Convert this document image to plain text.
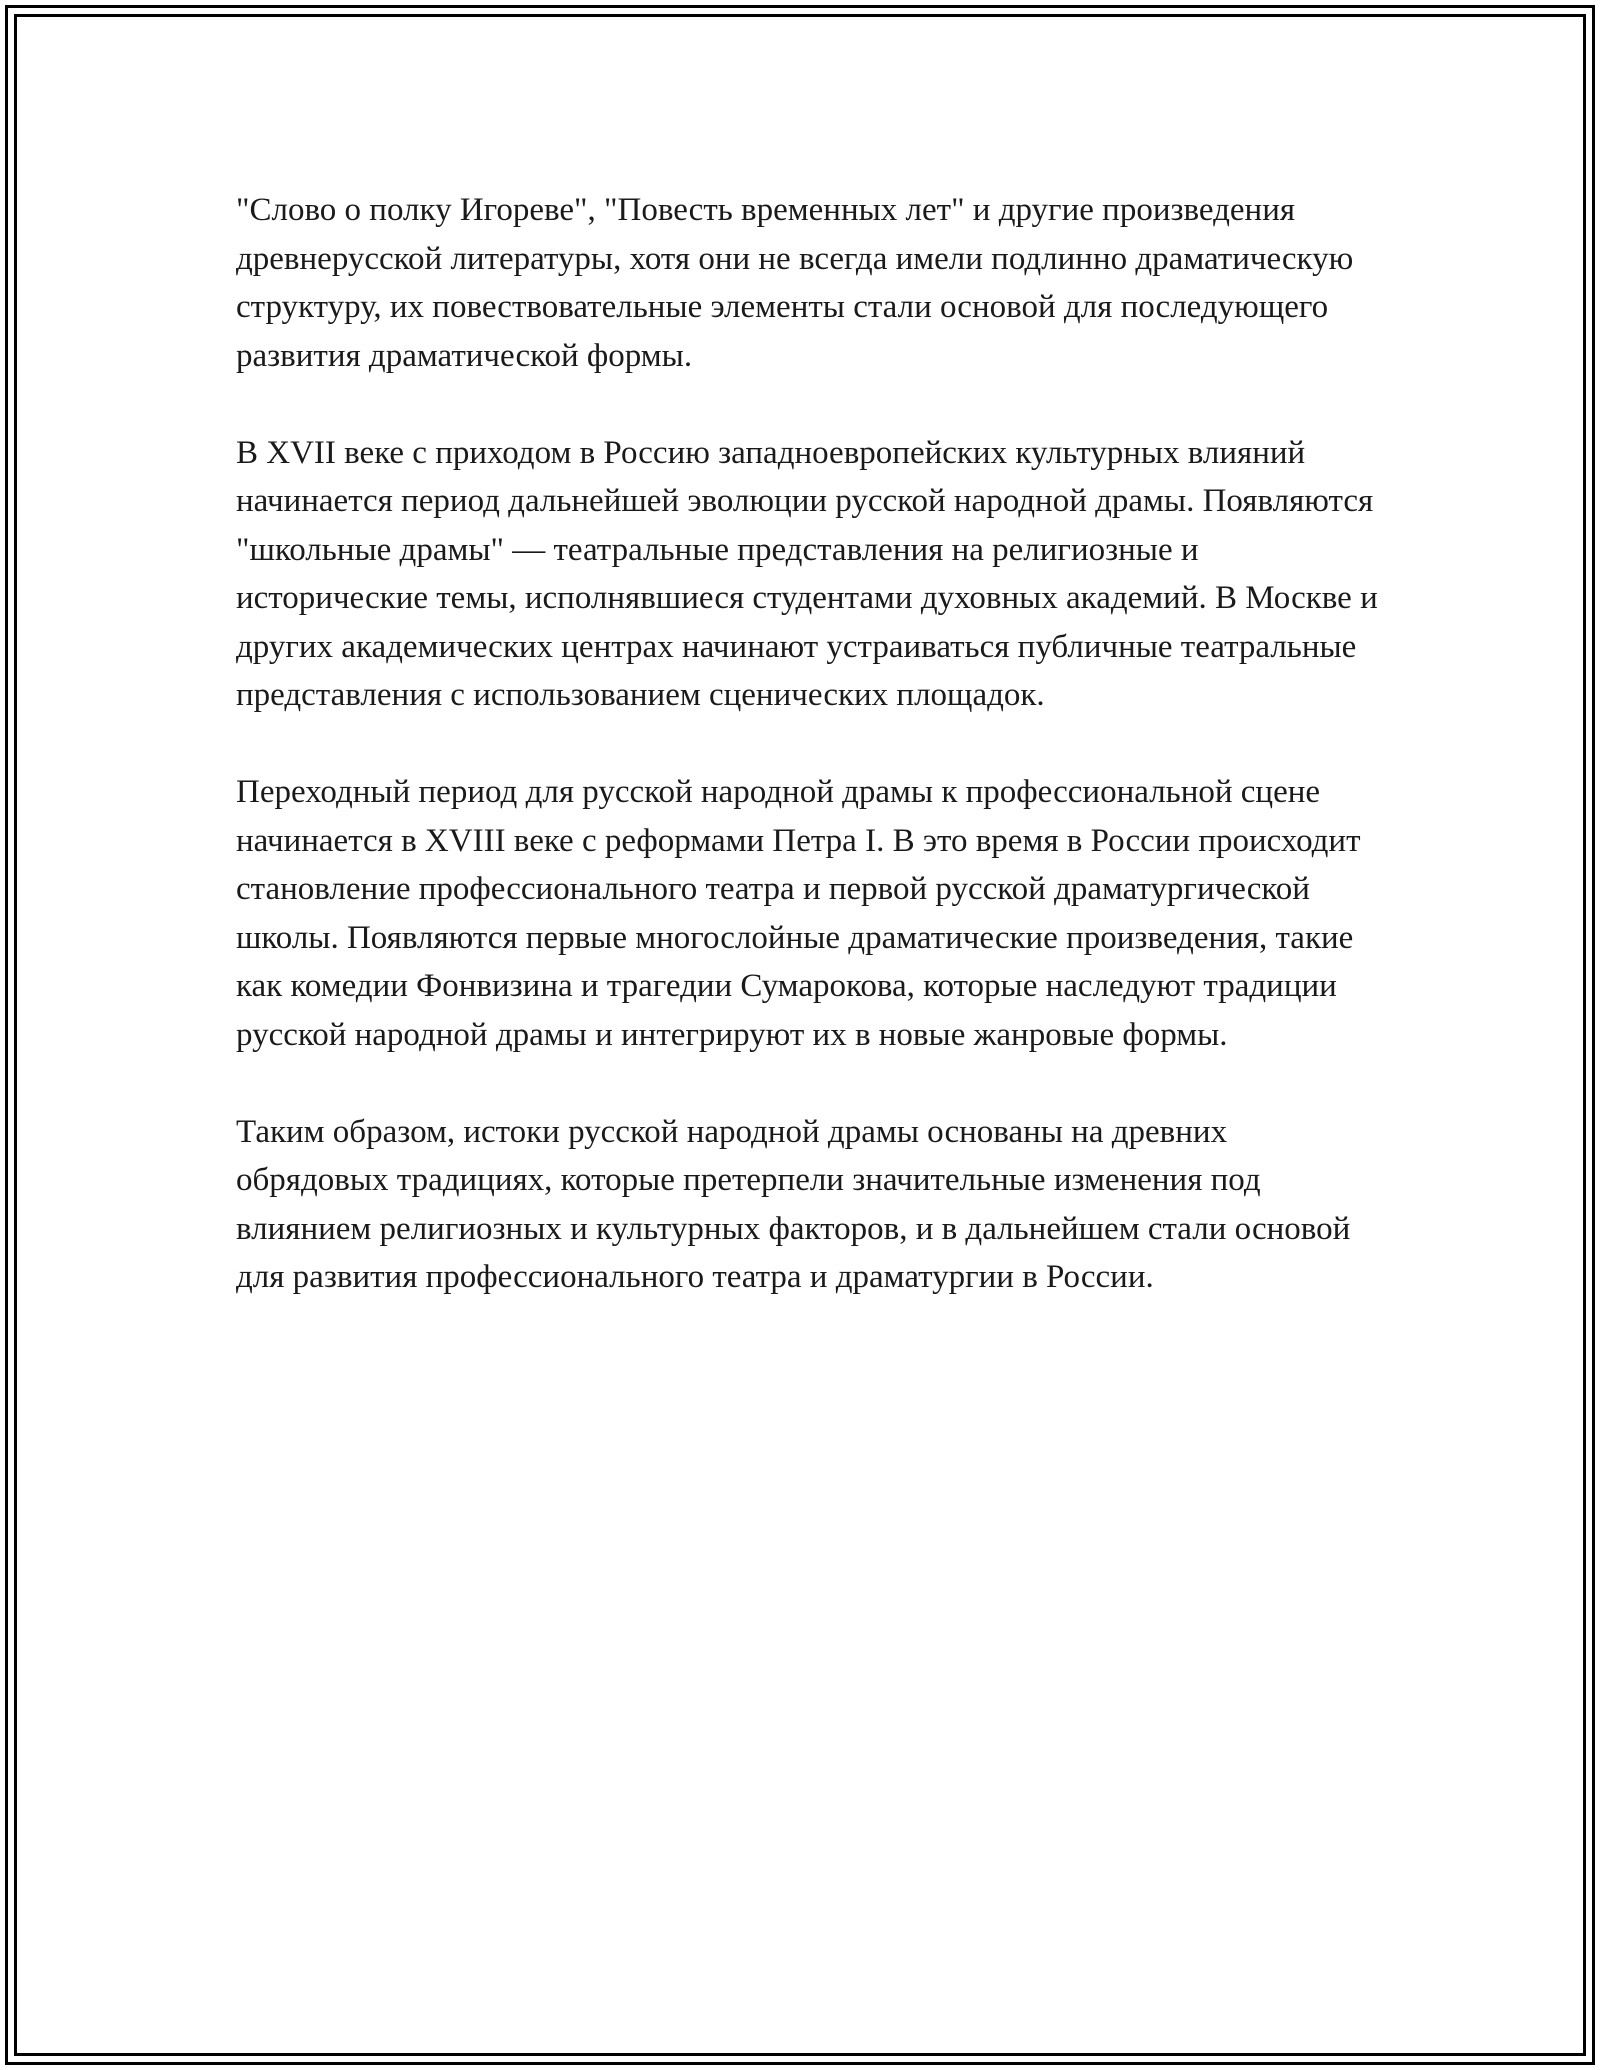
"Слово о полку Игореве", "Повесть временных лет" и другие произведения древнерусской литературы, хотя они не всегда имели подлинно драматическую структуру, их повествовательные элементы стали основой для последующего развития драматической формы.

В XVII веке с приходом в Россию западноевропейских культурных влияний начинается период дальнейшей эволюции русской народной драмы. Появляются "школьные драмы" — театральные представления на религиозные и исторические темы, исполнявшиеся студентами духовных академий. В Москве и других академических центрах начинают устраиваться публичные театральные представления с использованием сценических площадок.

Переходный период для русской народной драмы к профессиональной сцене начинается в XVIII веке с реформами Петра I. В это время в России происходит становление профессионального театра и первой русской драматургической школы. Появляются первые многослойные драматические произведения, такие как комедии Фонвизина и трагедии Сумарокова, которые наследуют традиции русской народной драмы и интегрируют их в новые жанровые формы.

Таким образом, истоки русской народной драмы основаны на древних обрядовых традициях, которые претерпели значительные изменения под влиянием религиозных и культурных факторов, и в дальнейшем стали основой для развития профессионального театра и драматургии в России.
